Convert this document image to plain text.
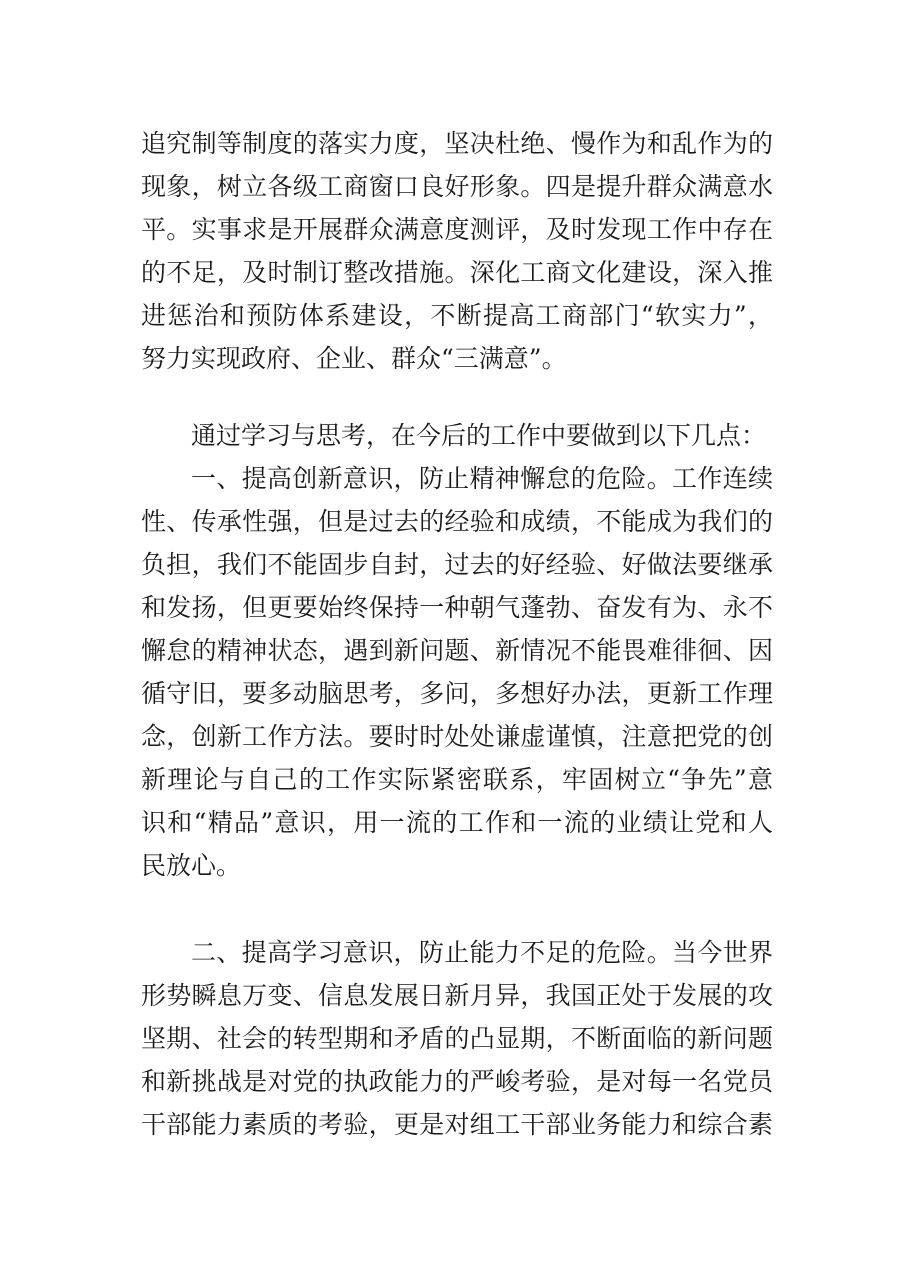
追究制等制度的落实力度，坚决杜绝、慢作为和乱作为的
现象，树立各级工商窗口良好形象。四是提升群众满意水
平。实事求是开展群众满意度测评，及时发现工作中存在
的不足，及时制订整改措施。深化工商文化建设，深入推
进惩治和预防体系建设，不断提高工商部门“软实力”，
努力实现政府、企业、群众“三满意”。
通过学习与思考，在今后的工作中要做到以下几点：
一、提高创新意识，防止精神懈怠的危险。工作连续
性、传承性强，但是过去的经验和成绩，不能成为我们的
负担，我们不能固步自封，过去的好经验、好做法要继承
和发扬，但更要始终保持一种朝气蓬勃、奋发有为、永不
懈怠的精神状态，遇到新问题、新情况不能畏难徘徊、因
循守旧，要多动脑思考，多问，多想好办法，更新工作理
念，创新工作方法。要时时处处谦虚谨慎，注意把党的创
新理论与自己的工作实际紧密联系，牢固树立“争先”意
识和“精品”意识，用一流的工作和一流的业绩让党和人
民放心。
二、提高学习意识，防止能力不足的危险。当今世界
形势瞬息万变、信息发展日新月异，我国正处于发展的攻
坚期、社会的转型期和矛盾的凸显期，不断面临的新问题
和新挑战是对党的执政能力的严峻考验，是对每一名党员
干部能力素质的考验，更是对组工干部业务能力和综合素
